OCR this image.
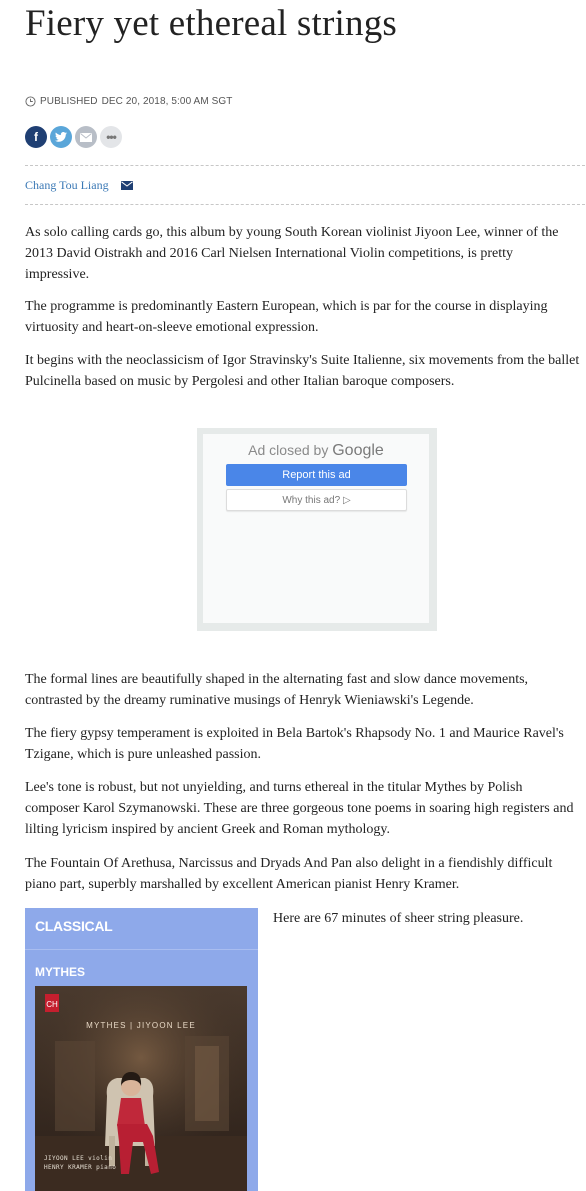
Fiery yet ethereal strings
PUBLISHED DEC 20, 2018, 5:00 AM SGT
f	•••
Chang Tou Liang

As solo calling cards go, this album by young South Korean violinist Jiyoon Lee, winner of the 2013 David Oistrakh and 2016 Carl Nielsen International Violin competitions, is pretty impressive.

The programme is predominantly Eastern European, which is par for the course in displaying virtuosity and heart-on-sleeve emotional expression.

It begins with the neoclassicism of Igor Stravinsky's Suite Italienne, six movements from the ballet Pulcinella based on music by Pergolesi and other Italian baroque composers.

Ad closed by Google
Report this ad
Why this ad? ▷

The formal lines are beautifully shaped in the alternating fast and slow dance movements, contrasted by the dreamy ruminative musings of Henryk Wieniawski's Legende.

The fiery gypsy temperament is exploited in Bela Bartok's Rhapsody No. 1 and Maurice Ravel's Tzigane, which is pure unleashed passion.

Lee's tone is robust, but not unyielding, and turns ethereal in the titular Mythes by Polish composer Karol Szymanowski. These are three gorgeous tone poems in soaring high registers and lilting lyricism inspired by ancient Greek and Roman mythology.

The Fountain Of Arethusa, Narcissus and Dryads And Pan also delight in a fiendishly difficult piano part, superbly marshalled by excellent American pianist Henry Kramer.

CLASSICAL
MYTHES
CH
MYTHES | JIYOON LEE
JIYOON LEE violin
HENRY KRAMER piano

Here are 67 minutes of sheer string pleasure.
